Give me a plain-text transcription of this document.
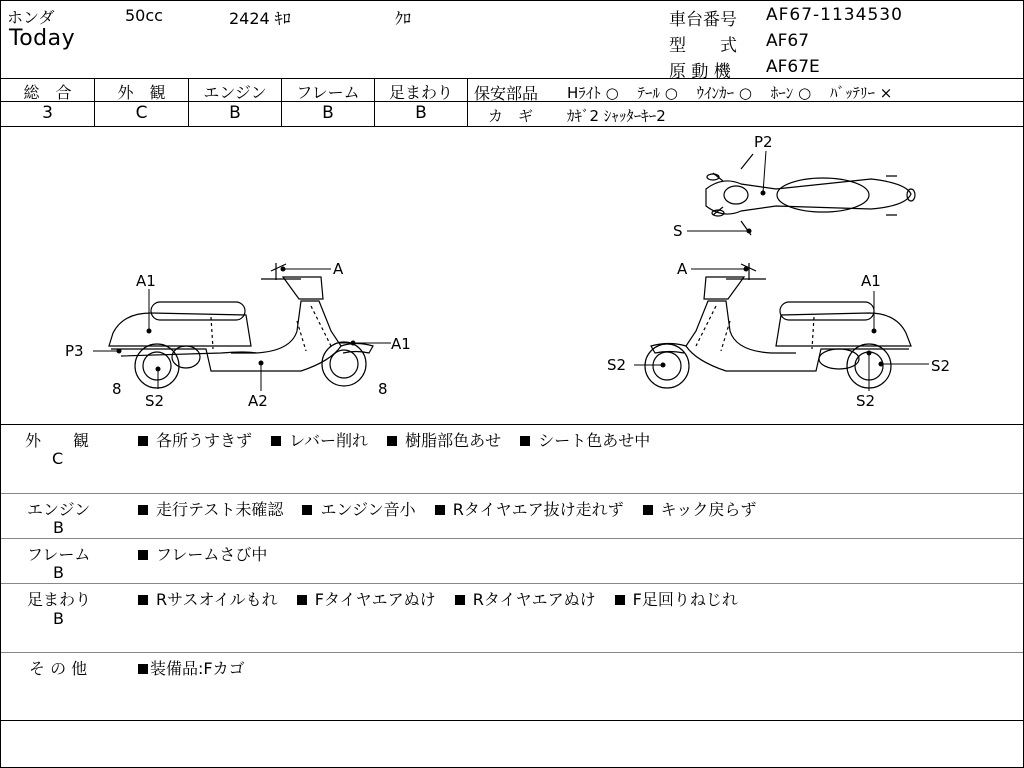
ホンダ	50cc	2424 ｷﾛ	ｸﾛ
Today
車台番号 AF67-1134530
型　　式 AF67
原 動 機 AF67E
総　合	外　観	エンジン	フレーム	足まわり
3	C	B	B	B
保安部品 Hﾗｲﾄ ○ ﾃｰﾙ ○ ｳｲﾝｶｰ ○ ﾎｰﾝ ○ ﾊﾞｯﾃﾘｰ ×
カ　ギ ｶｷﾞ2 ｼｬｯﾀｰｷｰ2
A
A1
A1
P3
8	8
S2	A2
P2
S
A
A1
S2	S2
S2
外　　観
C
各所うすきず レバー削れ 樹脂部色あせ シート色あせ中
エンジン
B
走行テスト未確認 エンジン音小 Rタイヤエア抜け走れず キック戻らず
フレーム
B
フレームさび中
足まわり
B
Rサスオイルもれ Fタイヤエアぬけ Rタイヤエアぬけ F足回りねじれ
そ の 他	装備品:Fカゴ
